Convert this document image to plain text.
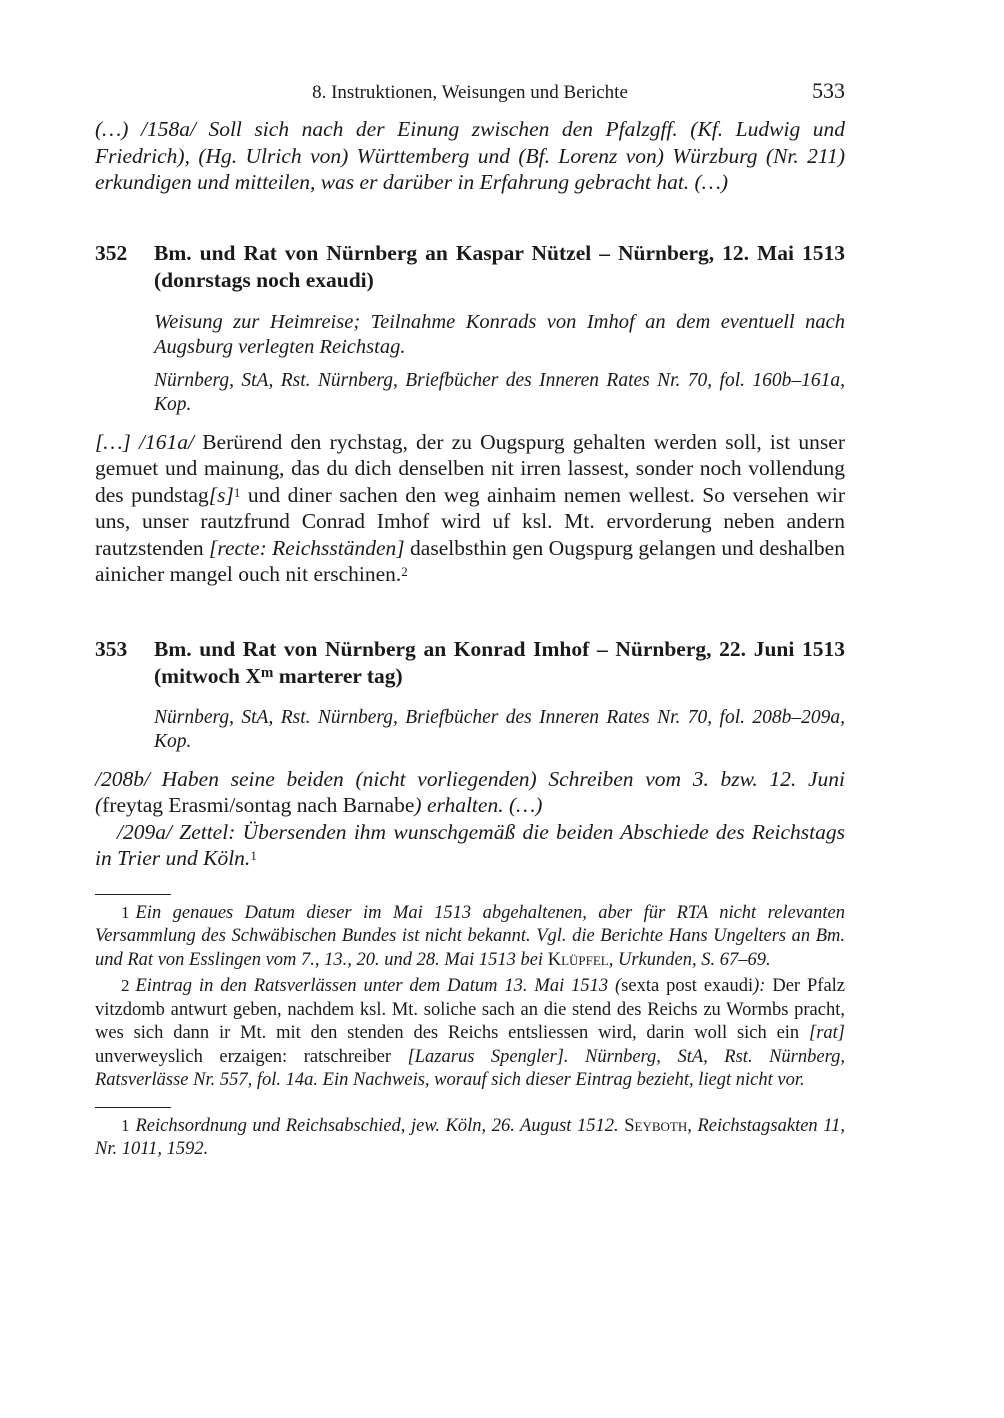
8. Instruktionen, Weisungen und Berichte	533

(…) /158a/ Soll sich nach der Einung zwischen den Pfalzgff. (Kf. Ludwig und Friedrich), (Hg. Ulrich von) Württemberg und (Bf. Lorenz von) Würzburg (Nr. 211) erkundigen und mitteilen, was er darüber in Erfahrung gebracht hat. (…)

352	Bm. und Rat von Nürnberg an Kaspar Nützel – Nürnberg, 12. Mai 1513 (donrstags noch exaudi)

Weisung zur Heimreise; Teilnahme Konrads von Imhof an dem eventuell nach Augsburg verlegten Reichstag.

Nürnberg, StA, Rst. Nürnberg, Briefbücher des Inneren Rates Nr. 70, fol. 160b–161a, Kop.

[…] /161a/ Berürend den rychstag, der zu Ougspurg gehalten werden soll, ist unser gemuet und mainung, das du dich denselben nit irren lassest, sonder noch vollendung des $pundstag[s]^1$ und diner sachen den weg ainhaim nemen wellest. So versehen wir uns, unser rautzfrund Conrad Imhof wird uf ksl. Mt. ervorderung neben andern rautzstenden [recte: Reichsständen] daselbsthin gen Ougspurg gelangen und deshalben ainicher mangel ouch nit erschinen.$^2$

353	Bm. und Rat von Nürnberg an Konrad Imhof – Nürnberg, 22. Juni 1513 (mitwoch $X^m$ marterer tag)

Nürnberg, StA, Rst. Nürnberg, Briefbücher des Inneren Rates Nr. 70, fol. 208b–209a, Kop.

/208b/ Haben seine beiden (nicht vorliegenden) Schreiben vom 3. bzw. 12. Juni (freytag Erasmi/sontag nach Barnabe) erhalten. (…)

/209a/ Zettel: Übersenden ihm wunschgemäß die beiden Abschiede des Reichstags in Trier und Köln.$^1$

1 Ein genaues Datum dieser im Mai 1513 abgehaltenen, aber für RTA nicht relevanten Versammlung des Schwäbischen Bundes ist nicht bekannt. Vgl. die Berichte Hans Ungelters an Bm. und Rat von Esslingen vom 7., 13., 20. und 28. Mai 1513 bei Klüpfel, Urkunden, S. 67–69.

2 Eintrag in den Ratsverlässen unter dem Datum 13. Mai 1513 (sexta post exaudi): Der Pfalz vitzdomb antwurt geben, nachdem ksl. Mt. soliche sach an die stend des Reichs zu Wormbs pracht, wes sich dann ir Mt. mit den stenden des Reichs entsliessen wird, darin woll sich ein [rat] unverweyslich erzaigen: ratschreiber [Lazarus Spengler]. Nürnberg, StA, Rst. Nürnberg, Ratsverlässe Nr. 557, fol. 14a. Ein Nachweis, worauf sich dieser Eintrag bezieht, liegt nicht vor.

1 Reichsordnung und Reichsabschied, jew. Köln, 26. August 1512. Seyboth, Reichstagsakten 11, Nr. 1011, 1592.
